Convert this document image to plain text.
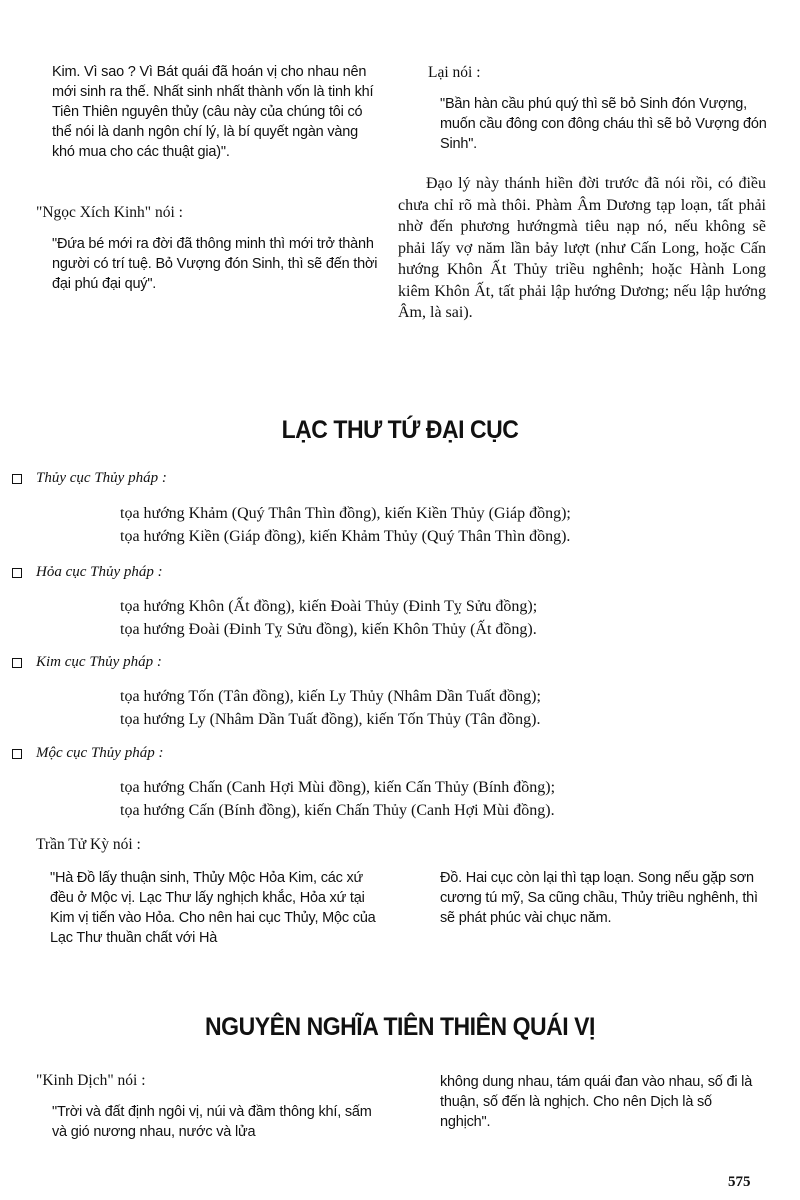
Kim. Vì sao ? Vì Bát quái đã hoán vị cho nhau nên mới sinh ra thế. Nhất sinh nhất thành vốn là tinh khí Tiên Thiên nguyên thủy (câu này của chúng tôi có thể nói là danh ngôn chí lý, là bí quyết ngàn vàng khó mua cho các thuật gia)".
"Ngọc Xích Kinh" nói :
"Đứa bé mới ra đời đã thông minh thì mới trở thành người có trí tuệ. Bỏ Vượng đón Sinh, thì sẽ đến thời đại phú đại quý".
Lại nói :
"Bần hàn cầu phú quý thì sẽ bỏ Sinh đón Vượng, muốn cầu đông con đông cháu thì sẽ bỏ Vượng đón Sinh".
Đạo lý này thánh hiền đời trước đã nói rồi, có điều chưa chỉ rõ mà thôi. Phàm Âm Dương tạp loạn, tất phải nhờ đến phương hướngmà tiêu nạp nó, nếu không sẽ phải lấy vợ năm lần bảy lượt (như Cấn Long, hoặc Cấn hướng Khôn Ất Thủy triều nghênh; hoặc Hành Long kiêm Khôn Ất, tất phải lập hướng Dương; nếu lập hướng Âm, là sai).
LẠC THƯ TỨ ĐẠI CỤC
Thủy cục Thủy pháp :
tọa hướng Khảm (Quý Thân Thìn đồng), kiến Kiền Thủy (Giáp đồng);
tọa hướng Kiền (Giáp đồng), kiến Khảm Thủy (Quý Thân Thìn đồng).
Hỏa cục Thủy pháp :
tọa hướng Khôn (Ất đồng), kiến Đoài Thủy (Đinh Tỵ Sửu đồng);
tọa hướng Đoài (Đinh Tỵ Sửu đồng), kiến Khôn Thủy (Ất đồng).
Kim cục Thủy pháp :
tọa hướng Tốn (Tân đồng), kiến Ly Thủy (Nhâm Dần Tuất đồng);
tọa hướng Ly (Nhâm Dần Tuất đồng), kiến Tốn Thủy (Tân đồng).
Mộc cục Thủy pháp :
tọa hướng Chấn (Canh Hợi Mùi đồng), kiến Cấn Thủy (Bính đồng);
tọa hướng Cấn (Bính đồng), kiến Chấn Thủy (Canh Hợi Mùi đồng).
Trần Tử Kỳ nói :
"Hà Đồ lấy thuận sinh, Thủy Mộc Hỏa Kim, các xứ đều ở Mộc vị. Lạc Thư lấy nghịch khắc, Hỏa xứ tại Kim vị tiến vào Hỏa. Cho nên hai cục Thủy, Mộc của Lạc Thư thuần chất với Hà
Đồ. Hai cục còn lại thì tạp loạn. Song nếu gặp sơn cương tú mỹ, Sa cũng chầu, Thủy triều nghênh, thì sẽ phát phúc vài chục năm.
NGUYÊN NGHĨA TIÊN THIÊN QUÁI VỊ
"Kinh Dịch" nói :
"Trời và đất định ngôi vị, núi và đầm thông khí, sấm và gió nương nhau, nước và lửa
không dung nhau, tám quái đan vào nhau, số đi là thuận, số đến là nghịch. Cho nên Dịch là số nghịch".
575
